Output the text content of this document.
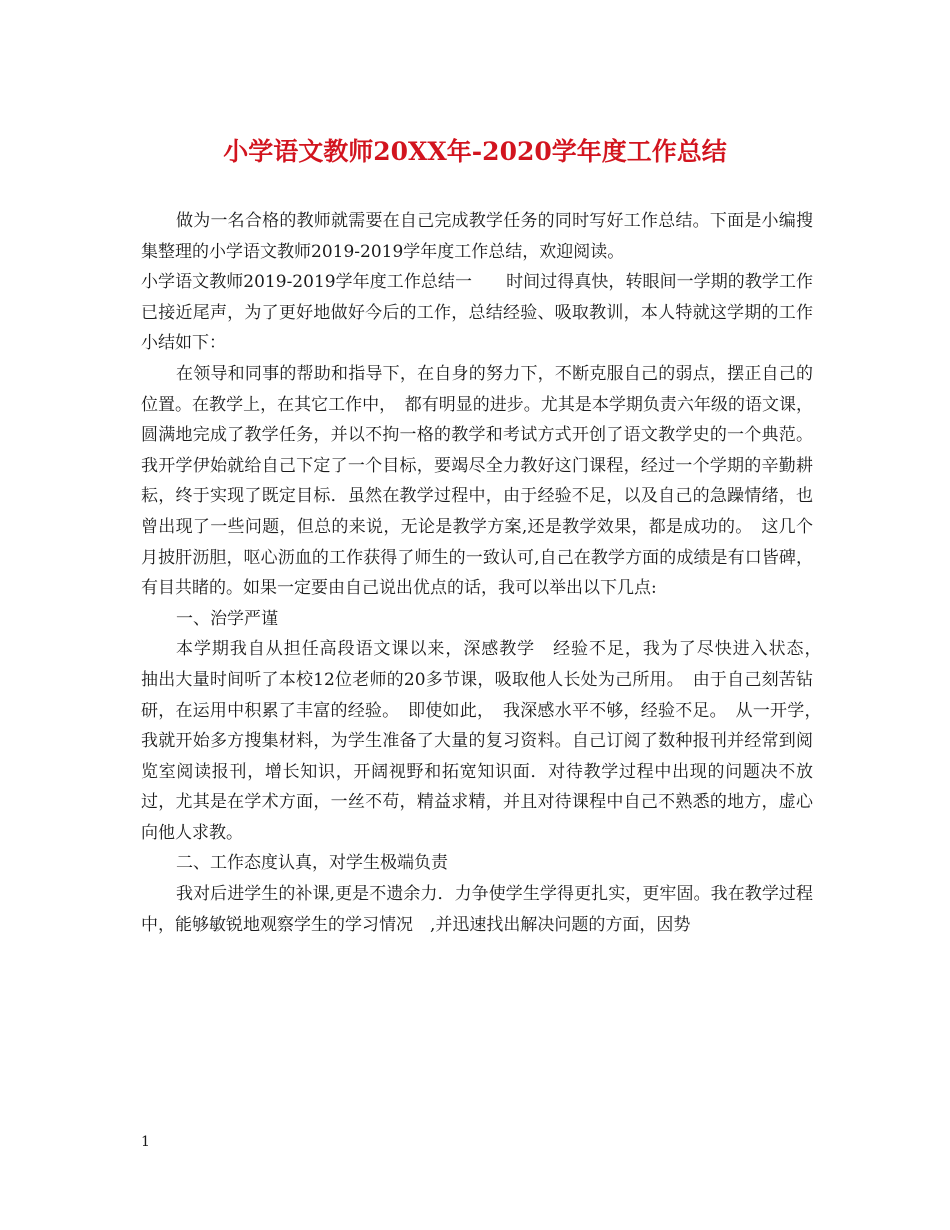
小学语文教师20XX年-2020学年度工作总结

做为一名合格的教师就需要在自己完成教学任务的同时写好工作总结。下面是小编搜集整理的小学语文教师2019-2019学年度工作总结，欢迎阅读。

小学语文教师2019-2019学年度工作总结一　　时间过得真快，转眼间一学期的教学工作已接近尾声，为了更好地做好今后的工作，总结经验、吸取教训，本人特就这学期的工作小结如下：

在领导和同事的帮助和指导下，在自身的努力下，不断克服自己的弱点，摆正自己的位置。在教学上，在其它工作中，　都有明显的进步。尤其是本学期负责六年级的语文课，圆满地完成了教学任务，并以不拘一格的教学和考试方式开创了语文教学史的一个典范。我开学伊始就给自己下定了一个目标，要竭尽全力教好这门课程，经过一个学期的辛勤耕耘，终于实现了既定目标．虽然在教学过程中，由于经验不足，以及自己的急躁情绪，也曾出现了一些问题，但总的来说，无论是教学方案,还是教学效果，都是成功的。　这几个月披肝沥胆，呕心沥血的工作获得了师生的一致认可,自己在教学方面的成绩是有口皆碑，有目共睹的。如果一定要由自己说出优点的话，我可以举出以下几点:

一、治学严谨

本学期我自从担任高段语文课以来，深感教学　经验不足，我为了尽快进入状态，　抽出大量时间听了本校12位老师的20多节课，吸取他人长处为己所用。　由于自己刻苦钻研，在运用中积累了丰富的经验。　即使如此，　我深感水平不够，经验不足。　从一开学，　我就开始多方搜集材料，为学生准备了大量的复习资料。自己订阅了数种报刊并经常到阅览室阅读报刊，增长知识，开阔视野和拓宽知识面．对待教学过程中出现的问题决不放过，尤其是在学术方面，一丝不苟，精益求精，并且对待课程中自己不熟悉的地方，虚心向他人求教。

二、工作态度认真，对学生极端负责

我对后进学生的补课,更是不遗余力．力争使学生学得更扎实，更牢固。我在教学过程中，能够敏锐地观察学生的学习情况　,并迅速找出解决问题的方面，因势

1
